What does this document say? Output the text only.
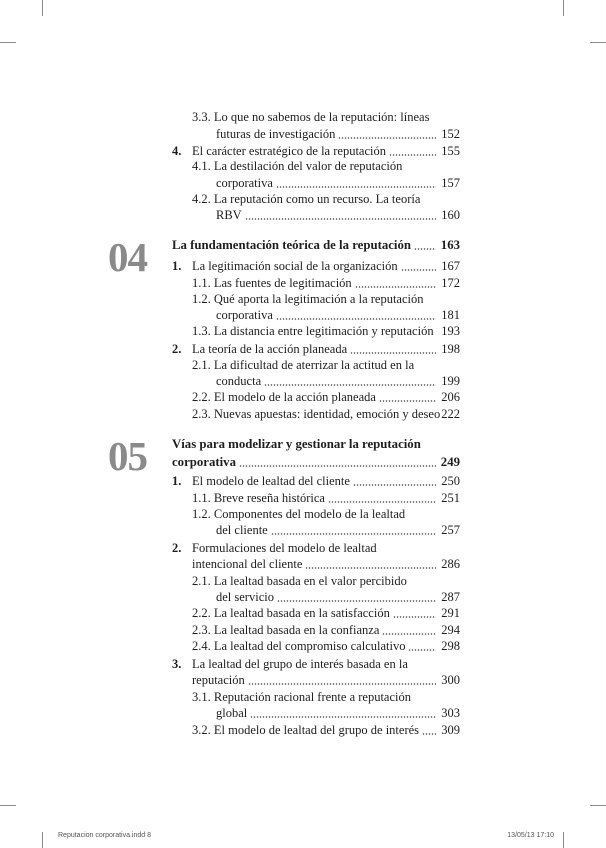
04
05
3.3. Lo que no sabemos de la reputación: líneas
futuras de investigación	152
4. El carácter estratégico de la reputación	155
4.1. La destilación del valor de reputación
corporativa	157
4.2. La reputación como un recurso. La teoría
RBV	160
La fundamentación teórica de la reputación 163
1. La legitimación social de la organización	167
1.1. Las fuentes de legitimación	172
1.2. Qué aporta la legitimación a la reputación
corporativa	181
1.3. La distancia entre legitimación y reputación 193
2. La teoría de la acción planeada	198
2.1. La dificultad de aterrizar la actitud en la
conducta	199
2.2. El modelo de la acción planeada	206
2.3. Nuevas apuestas: identidad, emoción y deseo 222
Vías para modelizar y gestionar la reputación
corporativa	249
1. El modelo de lealtad del cliente	250
1.1. Breve reseña histórica	251
1.2. Componentes del modelo de la lealtad
del cliente	257
2. Formulaciones del modelo de lealtad
intencional del cliente	286
2.1. La lealtad basada en el valor percibido
del servicio	287
2.2. La lealtad basada en la satisfacción	291
2.3. La lealtad basada en la confianza	294
2.4. La lealtad del compromiso calculativo	298
3. La lealtad del grupo de interés basada en la
reputación	300
3.1. Reputación racional frente a reputación
global	303
3.2. El modelo de lealtad del grupo de interés 309
Reputacion corporativa.indd 8	13/05/13 17:10
